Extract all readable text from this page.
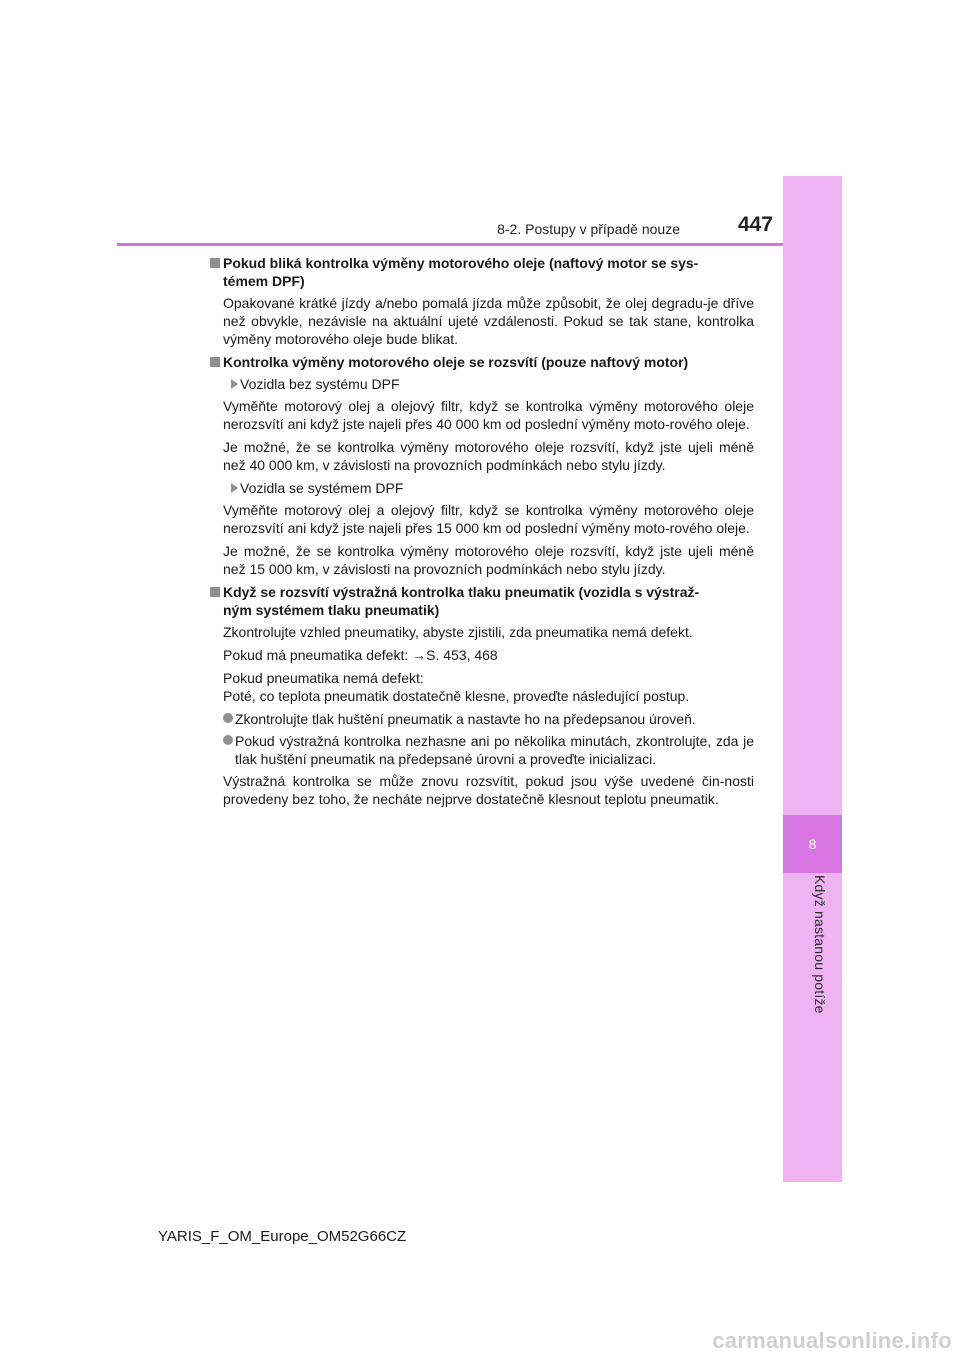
8
Když nastanou potíže
8-2. Postupy v případě nouze	447
Pokud bliká kontrolka výměny motorového oleje (naftový motor se sys-
témem DPF)
Opakované krátké jízdy a/nebo pomalá jízda může způsobit, že olej degradu-je dříve než obvykle, nezávisle na aktuální ujeté vzdálenosti. Pokud se tak stane, kontrolka výměny motorového oleje bude blikat.
Kontrolka výměny motorového oleje se rozsvítí (pouze naftový motor)
Vozidla bez systému DPF
Vyměňte motorový olej a olejový filtr, když se kontrolka výměny motorového oleje nerozsvítí ani když jste najeli přes 40 000 km od poslední výměny moto-rového oleje.
Je možné, že se kontrolka výměny motorového oleje rozsvítí, když jste ujeli méně než 40 000 km, v závislosti na provozních podmínkách nebo stylu jízdy.
Vozidla se systémem DPF
Vyměňte motorový olej a olejový filtr, když se kontrolka výměny motorového oleje nerozsvítí ani když jste najeli přes 15 000 km od poslední výměny moto-rového oleje.
Je možné, že se kontrolka výměny motorového oleje rozsvítí, když jste ujeli méně než 15 000 km, v závislosti na provozních podmínkách nebo stylu jízdy.
Když se rozsvítí výstražná kontrolka tlaku pneumatik (vozidla s výstraž-
ným systémem tlaku pneumatik)
Zkontrolujte vzhled pneumatiky, abyste zjistili, zda pneumatika nemá defekt.
Pokud má pneumatika defekt: →S. 453, 468
Pokud pneumatika nemá defekt:
Poté, co teplota pneumatik dostatečně klesne, proveďte následující postup.
Zkontrolujte tlak huštění pneumatik a nastavte ho na předepsanou úroveň.
Pokud výstražná kontrolka nezhasne ani po několika minutách, zkontrolujte, zda je tlak huštění pneumatik na předepsané úrovni a proveďte inicializaci.
Výstražná kontrolka se může znovu rozsvítit, pokud jsou výše uvedené čin-nosti provedeny bez toho, že necháte nejprve dostatečně klesnout teplotu pneumatik.
YARIS_F_OM_Europe_OM52G66CZ
carmanualsonline.info
